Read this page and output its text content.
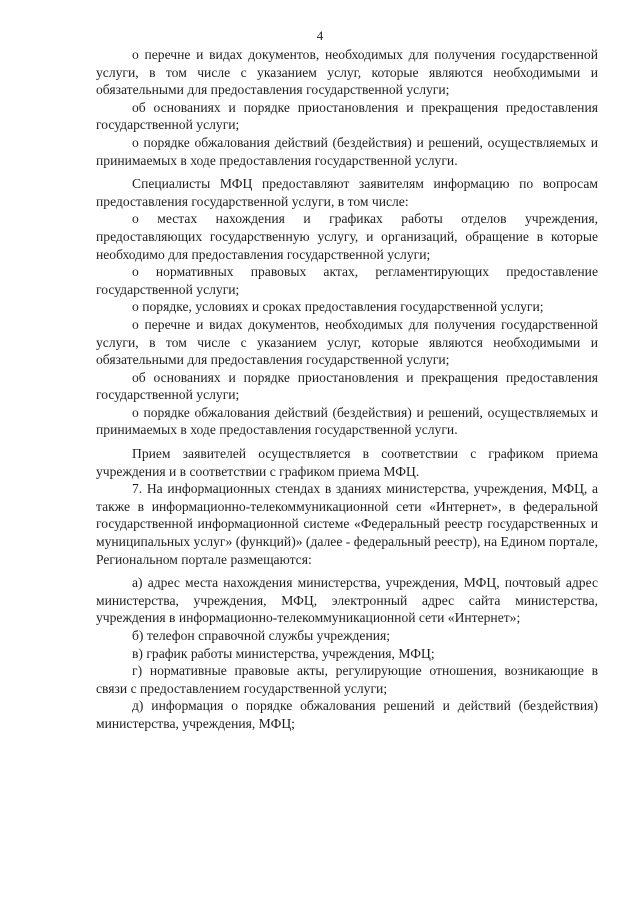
4

о перечне и видах документов, необходимых для получения государственной услуги, в том числе с указанием услуг, которые являются необходимыми и обязательными для предоставления государственной услуги;

об основаниях и порядке приостановления и прекращения предоставления государственной услуги;

о порядке обжалования действий (бездействия) и решений, осуществляемых и принимаемых в ходе предоставления государственной услуги.

Специалисты МФЦ предоставляют заявителям информацию по вопросам предоставления государственной услуги, в том числе:

о местах нахождения и графиках работы отделов учреждения, предоставляющих государственную услугу, и организаций, обращение в которые необходимо для предоставления государственной услуги;

о нормативных правовых актах, регламентирующих предоставление государственной услуги;

о порядке, условиях и сроках предоставления государственной услуги;

о перечне и видах документов, необходимых для получения государственной услуги, в том числе с указанием услуг, которые являются необходимыми и обязательными для предоставления государственной услуги;

об основаниях и порядке приостановления и прекращения предоставления государственной услуги;

о порядке обжалования действий (бездействия) и решений, осуществляемых и принимаемых в ходе предоставления государственной услуги.

Прием заявителей осуществляется в соответствии с графиком приема учреждения и в соответствии с графиком приема МФЦ.

7. На информационных стендах в зданиях министерства, учреждения, МФЦ, а также в информационно-телекоммуникационной сети «Интернет», в федеральной государственной информационной системе «Федеральный реестр государственных и муниципальных услуг» (функций)» (далее - федеральный реестр), на Едином портале, Региональном портале размещаются:

а) адрес места нахождения министерства, учреждения, МФЦ, почтовый адрес министерства, учреждения, МФЦ, электронный адрес сайта министерства, учреждения в информационно-телекоммуникационной сети «Интернет»;

б) телефон справочной службы учреждения;

в) график работы министерства, учреждения, МФЦ;

г) нормативные правовые акты, регулирующие отношения, возникающие в связи с предоставлением государственной услуги;

д) информация о порядке обжалования решений и действий (бездействия) министерства, учреждения, МФЦ;
